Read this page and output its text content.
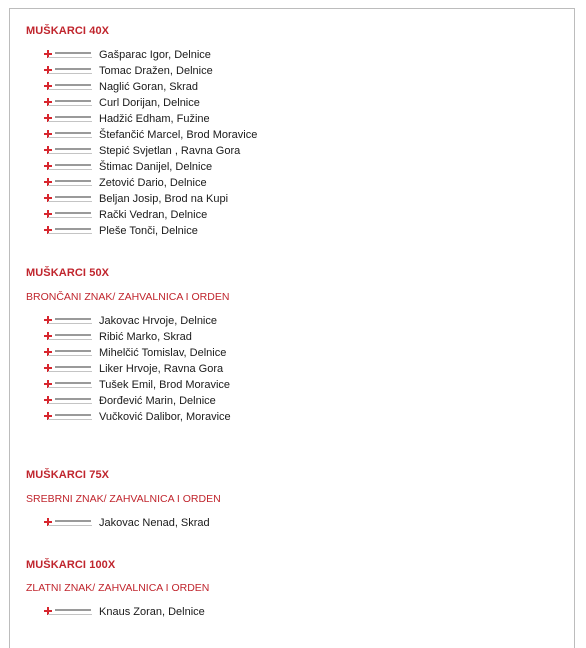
MUŠKARCI 40X
Gašparac Igor, Delnice
Tomac Dražen, Delnice
Naglić Goran, Skrad
Curl Dorijan, Delnice
Hadžić Edham, Fužine
Štefančić Marcel, Brod Moravice
Stepić Svjetlan , Ravna Gora
Štimac Danijel, Delnice
Zetović Dario, Delnice
Beljan Josip, Brod na Kupi
Rački Vedran, Delnice
Pleše Tonči, Delnice
MUŠKARCI 50X
BRONČANI ZNAK/ ZAHVALNICA I ORDEN
Jakovac Hrvoje, Delnice
Ribić Marko, Skrad
Mihelčić Tomislav, Delnice
Liker Hrvoje, Ravna Gora
Tušek Emil, Brod Moravice
Đorđević Marin, Delnice
Vučković Dalibor, Moravice
MUŠKARCI 75X
SREBRNI ZNAK/ ZAHVALNICA I ORDEN
Jakovac Nenad, Skrad
MUŠKARCI 100X
ZLATNI ZNAK/ ZAHVALNICA I ORDEN
Knaus Zoran, Delnice
